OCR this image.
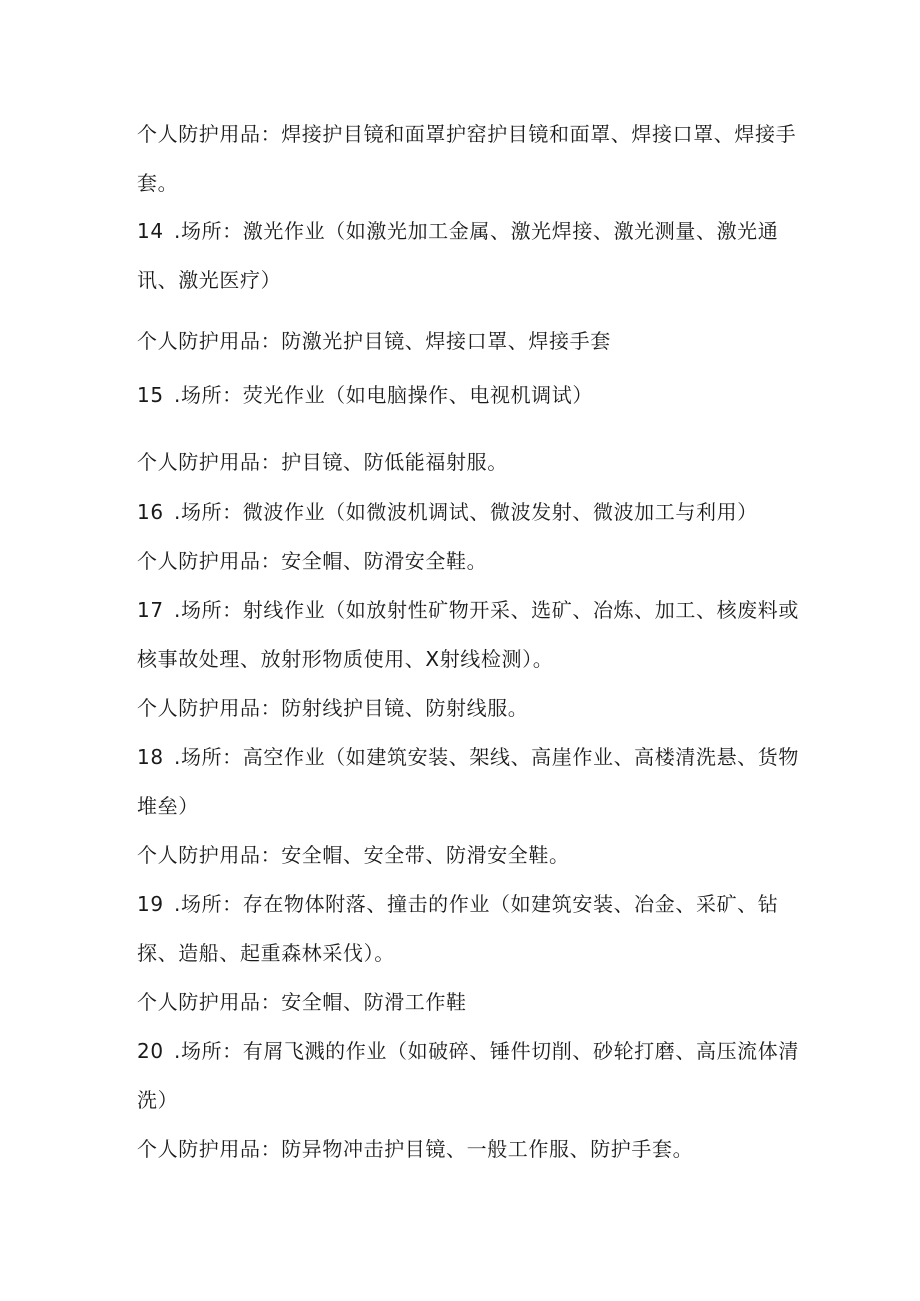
个人防护用品：焊接护目镜和面罩护窑护目镜和面罩、焊接口罩、焊接手
套。
14 .场所：激光作业（如激光加工金属、激光焊接、激光测量、激光通
讯、激光医疗）
个人防护用品：防激光护目镜、焊接口罩、焊接手套
15 .场所：荧光作业（如电脑操作、电视机调试）
个人防护用品：护目镜、防低能福射服。
16 .场所：微波作业（如微波机调试、微波发射、微波加工与利用）
个人防护用品：安全帽、防滑安全鞋。
17 .场所：射线作业（如放射性矿物开采、选矿、冶炼、加工、核废料或
核事故处理、放射形物质使用、X射线检测）。
个人防护用品：防射线护目镜、防射线服。
18 .场所：高空作业（如建筑安装、架线、高崖作业、高楼清洗悬、货物
堆垒）
个人防护用品：安全帽、安全带、防滑安全鞋。
19 .场所：存在物体附落、撞击的作业（如建筑安装、冶金、采矿、钻
探、造船、起重森林采伐）。
个人防护用品：安全帽、防滑工作鞋
20 .场所：有屑飞溅的作业（如破碎、锤件切削、砂轮打磨、高压流体清
洗）
个人防护用品：防异物冲击护目镜、一般工作服、防护手套。
